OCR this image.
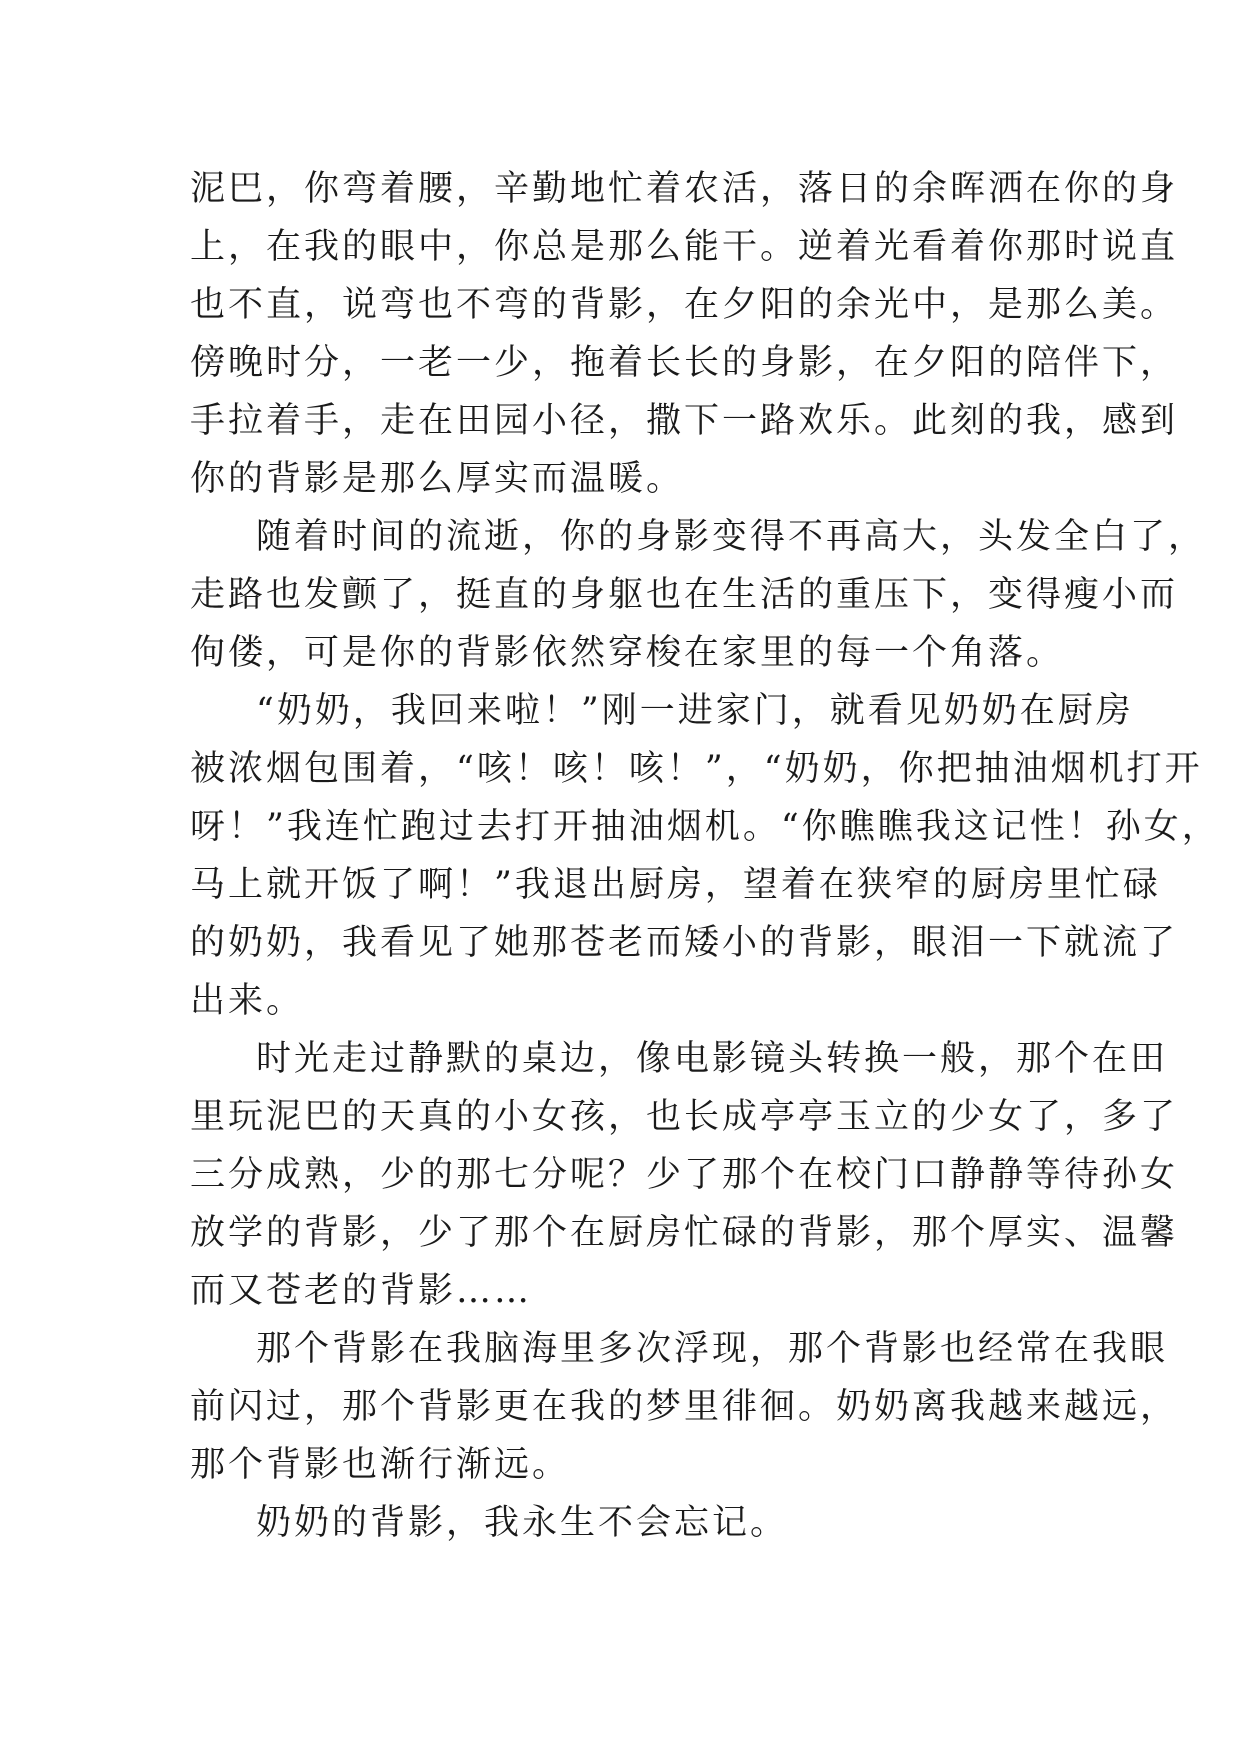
泥巴，你弯着腰，辛勤地忙着农活，落日的余晖洒在你的身
上，在我的眼中，你总是那么能干。逆着光看着你那时说直
也不直，说弯也不弯的背影，在夕阳的余光中，是那么美。
傍晚时分，一老一少，拖着长长的身影，在夕阳的陪伴下，
手拉着手，走在田园小径，撒下一路欢乐。此刻的我，感到
你的背影是那么厚实而温暖。
随着时间的流逝，你的身影变得不再高大，头发全白了，
走路也发颤了，挺直的身躯也在生活的重压下，变得瘦小而
佝偻，可是你的背影依然穿梭在家里的每一个角落。
“奶奶，我回来啦！”刚一进家门，就看见奶奶在厨房
被浓烟包围着，“咳！咳！咳！”，“奶奶，你把抽油烟机打开
呀！”我连忙跑过去打开抽油烟机。“你瞧瞧我这记性！孙女，
马上就开饭了啊！”我退出厨房，望着在狭窄的厨房里忙碌
的奶奶，我看见了她那苍老而矮小的背影，眼泪一下就流了
出来。
时光走过静默的桌边，像电影镜头转换一般，那个在田
里玩泥巴的天真的小女孩，也长成亭亭玉立的少女了，多了
三分成熟，少的那七分呢？少了那个在校门口静静等待孙女
放学的背影，少了那个在厨房忙碌的背影，那个厚实、温馨
而又苍老的背影……
那个背影在我脑海里多次浮现，那个背影也经常在我眼
前闪过，那个背影更在我的梦里徘徊。奶奶离我越来越远，
那个背影也渐行渐远。
奶奶的背影，我永生不会忘记。
